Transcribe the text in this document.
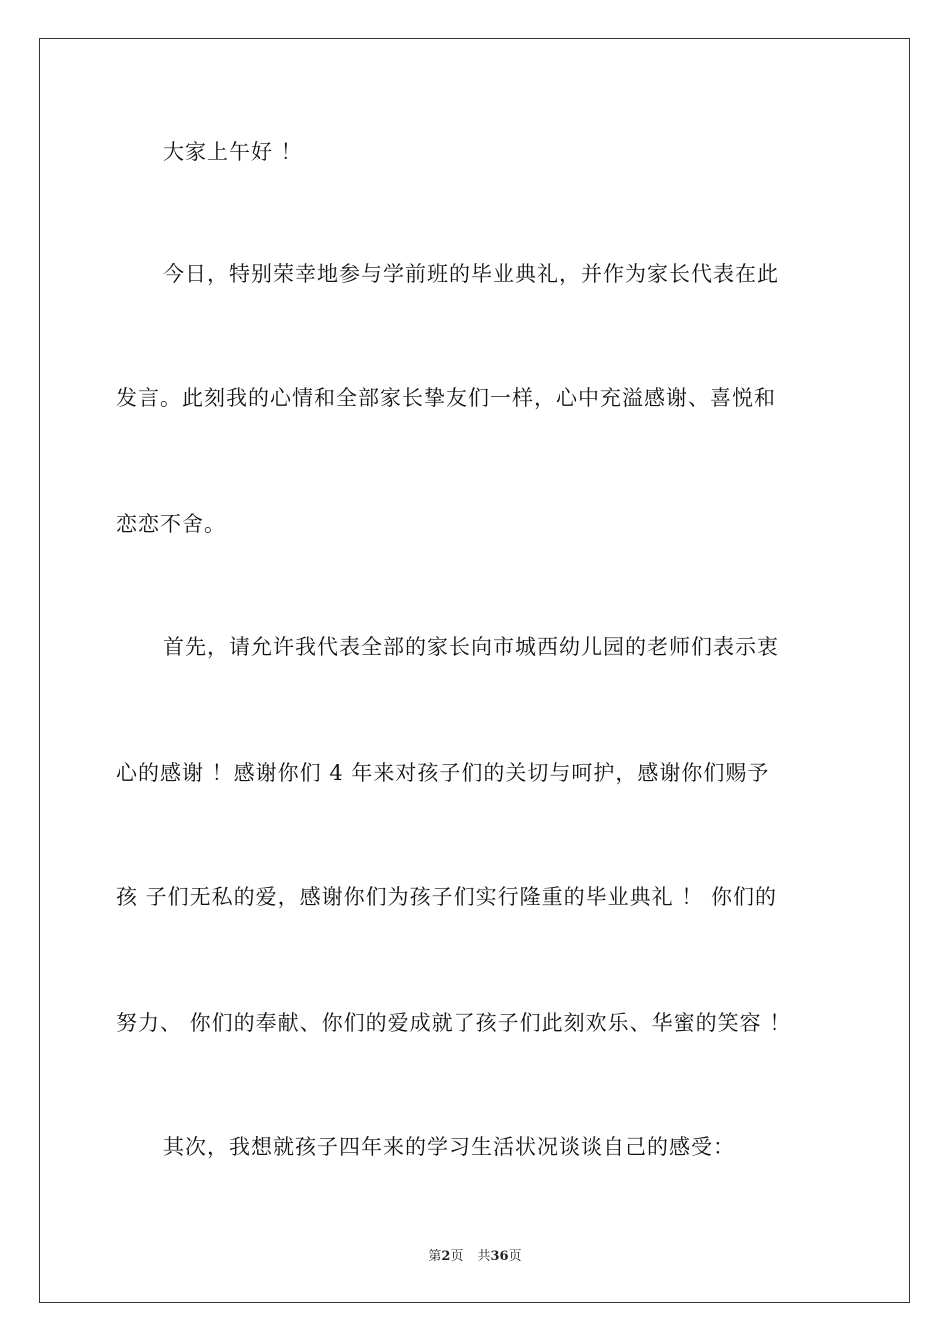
大家上午好 ！
今日，特别荣幸地参与学前班的毕业典礼，并作为家长代表在此
发言。此刻我的心情和全部家长挚友们一样，心中充溢感谢、喜悦和
恋恋不舍。
首先，请允许我代表全部的家长向市城西幼儿园的老师们表示衷
心的感谢 ！感谢你们 4 年来对孩子们的关切与呵护，感谢你们赐予
孩 子们无私的爱，感谢你们为孩子们实行隆重的毕业典礼 ！ 你们的
努力、 你们的奉献、你们的爱成就了孩子们此刻欢乐、华蜜的笑容 ！
其次，我想就孩子四年来的学习生活状况谈谈自己的感受：
第2页 共36页
